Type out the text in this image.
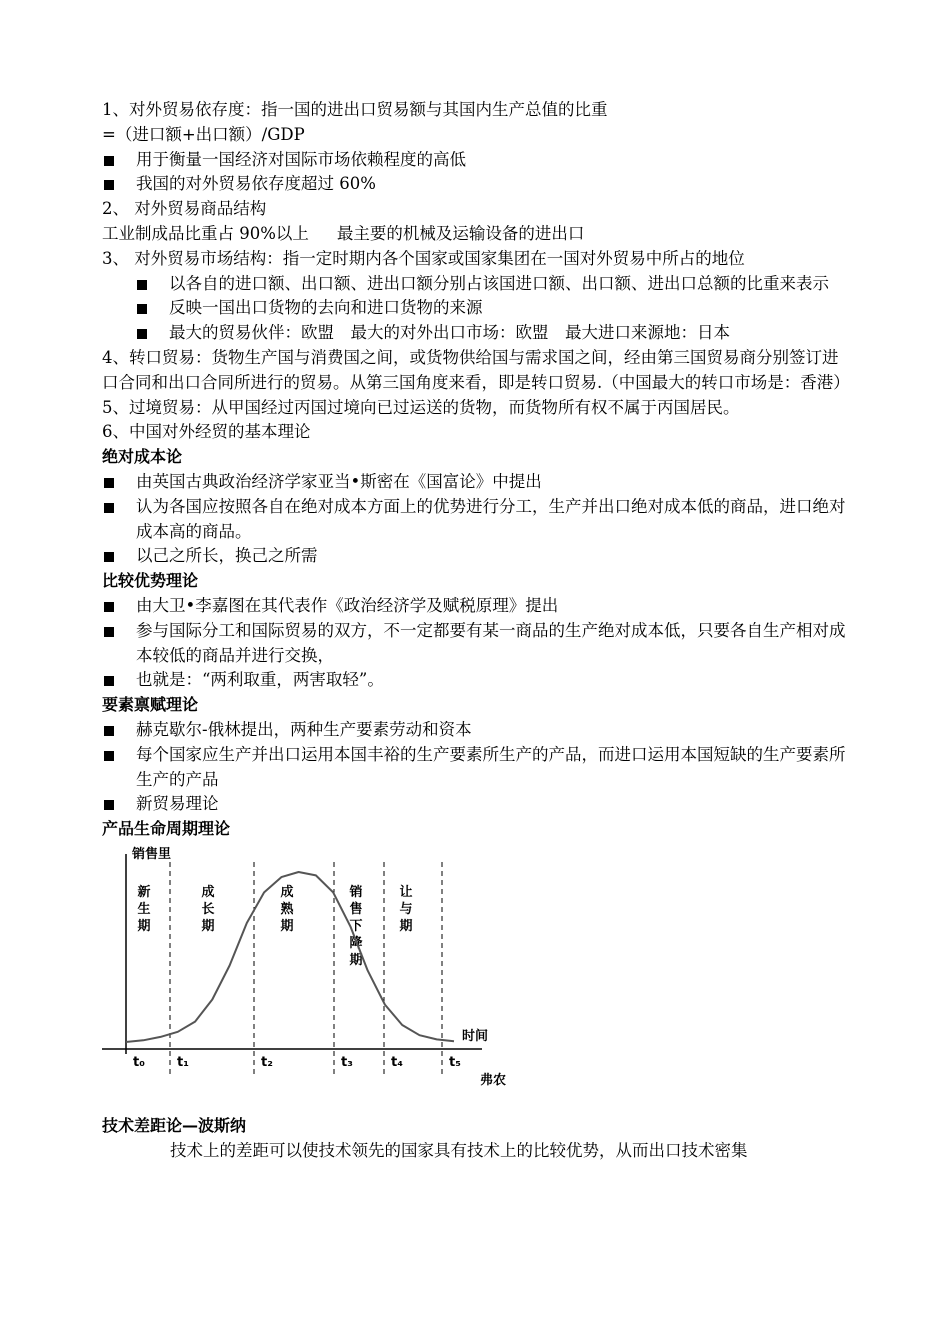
1、对外贸易依存度：指一国的进出口贸易额与其国内生产总值的比重
=（进口额+出口额）/GDP
用于衡量一国经济对国际市场依赖程度的高低
我国的对外贸易依存度超过 60%
2、 对外贸易商品结构
工业制成品比重占 90%以上 最主要的机械及运输设备的进出口
3、 对外贸易市场结构：指一定时期内各个国家或国家集团在一国对外贸易中所占的地位
以各自的进口额、出口额、进出口额分别占该国进口额、出口额、进出口总额的比重来表示
反映一国出口货物的去向和进口货物的来源
最大的贸易伙伴：欧盟　最大的对外出口市场：欧盟　最大进口来源地：日本
4、转口贸易：货物生产国与消费国之间，或货物供给国与需求国之间，经由第三国贸易商分别签订进口合同和出口合同所进行的贸易。从第三国角度来看，即是转口贸易.（中国最大的转口市场是：香港）
5、过境贸易：从甲国经过丙国过境向已过运送的货物，而货物所有权不属于丙国居民。
6、中国对外经贸的基本理论
绝对成本论
由英国古典政治经济学家亚当•斯密在《国富论》中提出
认为各国应按照各自在绝对成本方面上的优势进行分工，生产并出口绝对成本低的商品，进口绝对成本高的商品。
以己之所长，换己之所需
比较优势理论
由大卫•李嘉图在其代表作《政治经济学及赋税原理》提出
参与国际分工和国际贸易的双方，不一定都要有某一商品的生产绝对成本低，只要各自生产相对成本较低的商品并进行交换，
也就是：“两利取重，两害取轻”。
要素禀赋理论
赫克歇尔-俄林提出，两种生产要素劳动和资本
每个国家应生产并出口运用本国丰裕的生产要素所生产的产品，而进口运用本国短缺的生产要素所生产的产品
新贸易理论
产品生命周期理论
销售里
时间
弗农
t₀ t₁	t₂	t₃	t₄	t₅
新生期
成长期
成熟期
销售下降期
让与期
技术差距论—波斯纳
技术上的差距可以使技术领先的国家具有技术上的比较优势，从而出口技术密集
